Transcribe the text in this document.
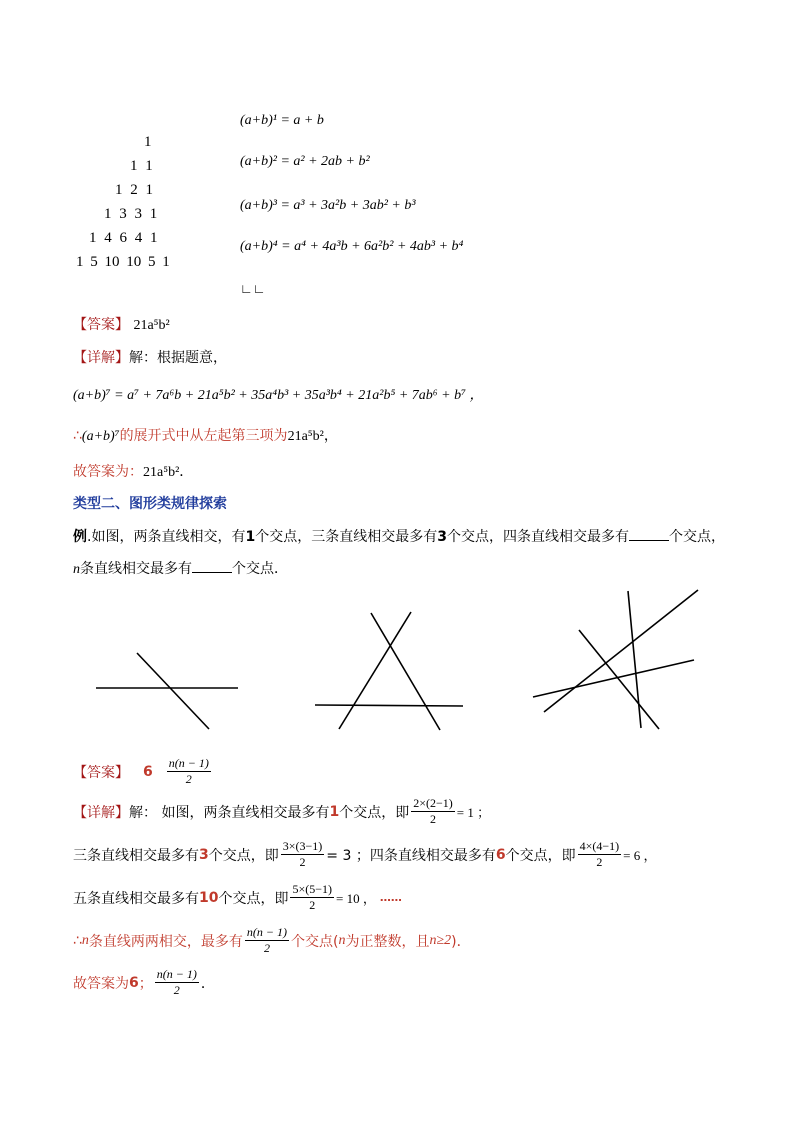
1
1 1
1 2 1
1 3 3 1
1 4 6 4 1
1 5 10 10 5 1
(a+b)¹ = a + b
(a+b)² = a² + 2ab + b²
(a+b)³ = a³ + 3a²b + 3ab² + b³
(a+b)⁴ = a⁴ + 4a³b + 6a²b² + 4ab³ + b⁴
∟∟
【答案】 21a⁵b²
【详解】解：根据题意，
(a+b)⁷ = a⁷ + 7a⁶b + 21a⁵b² + 35a⁴b³ + 35a³b⁴ + 21a²b⁵ + 7ab⁶ + b⁷ ，
∴(a+b)⁷的展开式中从左起第三项为21a⁵b²，
故答案为：21a⁵b²．
类型二、图形类规律探索
例.如图，两条直线相交，有1个交点，三条直线相交最多有3个交点，四条直线相交最多有	个交点，
n条直线相交最多有	个交点．
【答案】 $6 \frac{n(n - 1)}{2}$
【详解】 解： 如图，两条直线相交最多有 1 个交点，即 $\frac{2\times(2-1)}{2} = 1$ ；
三条直线相交最多有 3 个交点，即 $\frac{3\times(3-1)}{2} = 3$ ；四条直线相交最多有 6 个交点，即 $\frac{4\times(4-1)}{2} = 6$ ，
五条直线相交最多有 10 个交点，即 $\frac{5\times(5-1)}{2} = 10$ ， ……
∴ n 条直线两两相交，最多有 $\frac{n(n - 1)}{2}$ 个交点( n 为正整数，且 n≥2 )．
故答案为 6 ； $\frac{n(n - 1)}{2}$ ．
